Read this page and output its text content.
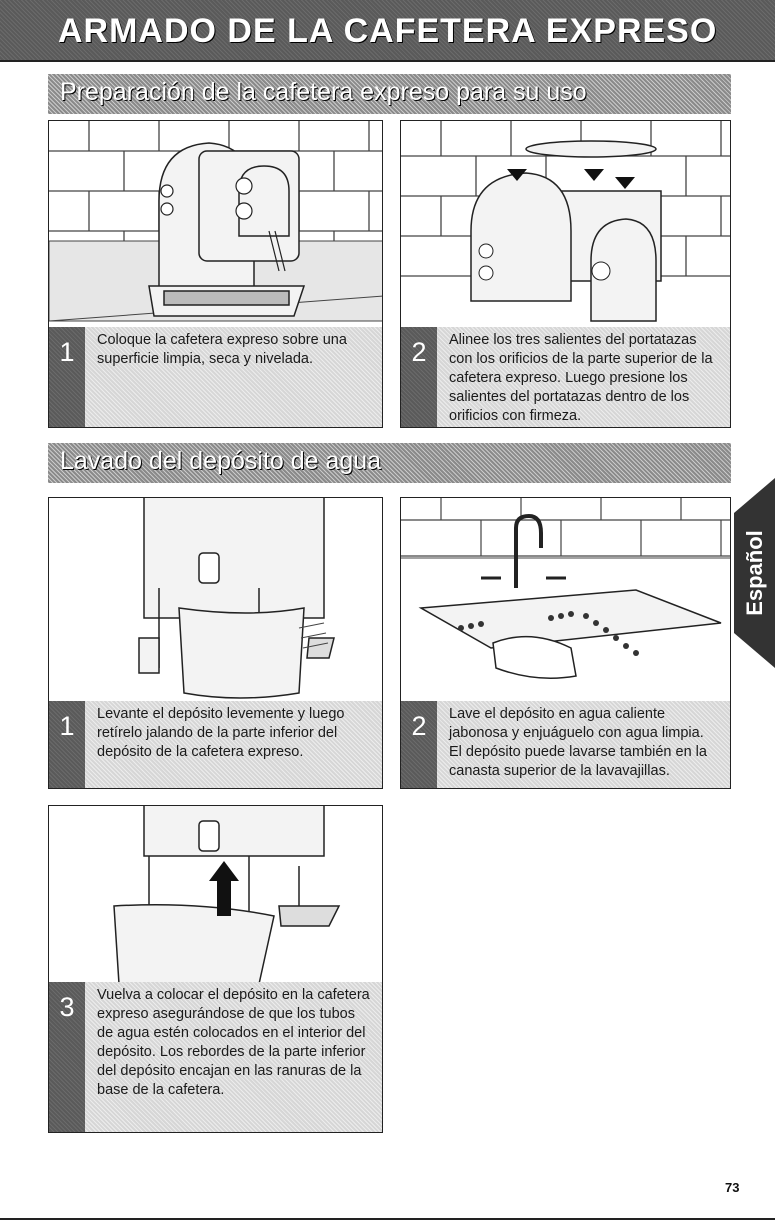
ARMADO DE LA CAFETERA EXPRESO
Preparación de la cafetera expreso para su uso
1	Coloque la cafetera expreso sobre una superficie limpia, seca y nivelada.	2	Alinee los tres salientes del portatazas con los orificios de la parte superior de la cafetera expreso. Luego presione los salientes del portatazas dentro de los orificios con firmeza.
Lavado del depósito de agua
1	Levante el depósito levemente y luego retírelo jalando de la parte inferior del depósito de la cafetera expreso.
2	Lave el depósito en agua caliente jabonosa y enjuáguelo con agua limpia. El depósito puede lavarse también en la canasta superior de la lavavajillas.
3	Vuelva a colocar el depósito en la cafetera expreso asegurándose de que los tubos de agua estén colocados en el interior del depósito. Los rebordes de la parte inferior del depósito encajan en las ranuras de la base de la cafetera.
Español
73
